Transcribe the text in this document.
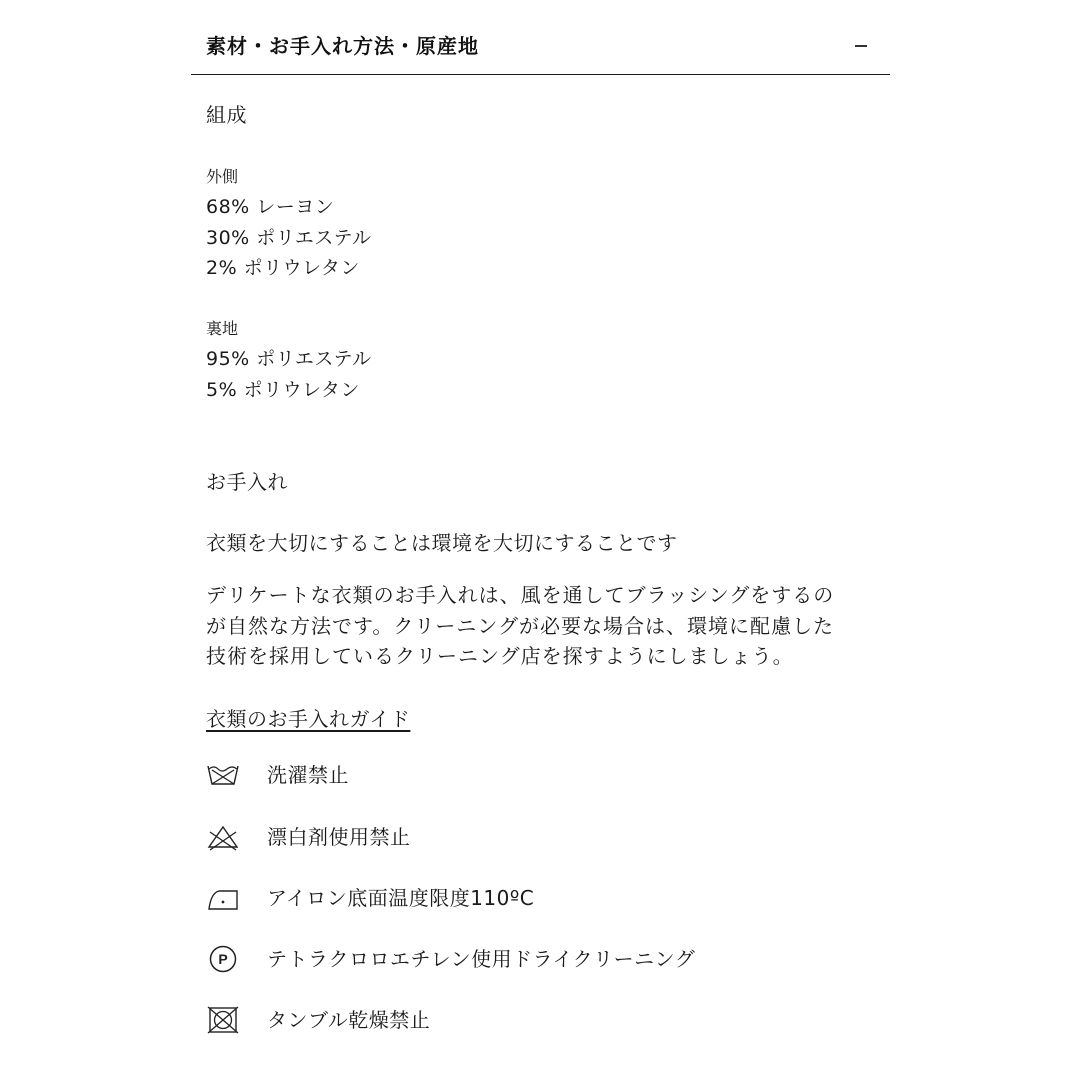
素材・お手入れ方法・原産地
組成
外側
68% レーヨン
30% ポリエステル
2% ポリウレタン
裏地
95% ポリエステル
5% ポリウレタン
お手入れ
衣類を大切にすることは環境を大切にすることです
デリケートな衣類のお手入れは、風を通してブラッシングをするの
が自然な方法です。クリーニングが必要な場合は、環境に配慮した
技術を採用しているクリーニング店を探すようにしましょう。
衣類のお手入れガイド
洗濯禁止
漂白剤使用禁止
アイロン底面温度限度110ºC
P テトラクロロエチレン使用ドライクリーニング
タンブル乾燥禁止
